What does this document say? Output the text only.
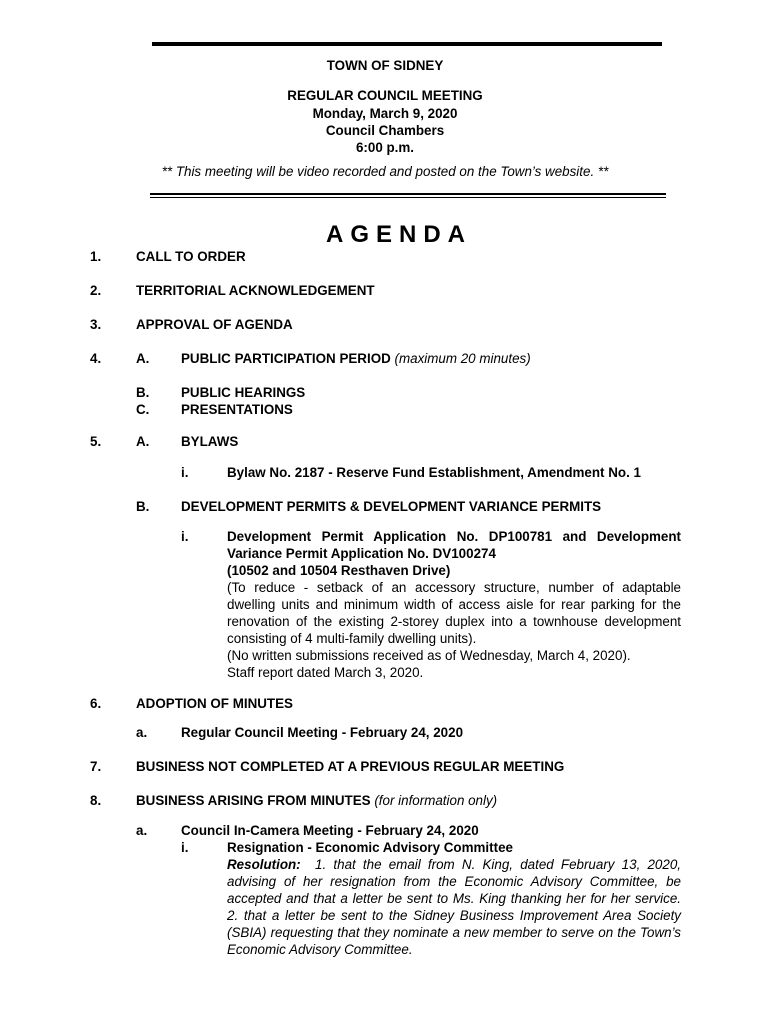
TOWN OF SIDNEY
REGULAR COUNCIL MEETING
Monday, March 9, 2020
Council Chambers
6:00 p.m.
** This meeting will be video recorded and posted on the Town’s website. **
AGENDA
1.	CALL TO ORDER
2.	TERRITORIAL ACKNOWLEDGEMENT
3.	APPROVAL OF AGENDA
4.	A. PUBLIC PARTICIPATION PERIOD (maximum 20 minutes)
B. PUBLIC HEARINGS
C. PRESENTATIONS
5.	A. BYLAWS
i.	Bylaw No. 2187 - Reserve Fund Establishment, Amendment No. 1
B. DEVELOPMENT PERMITS & DEVELOPMENT VARIANCE PERMITS
i.	Development Permit Application No. DP100781 and Development
Variance Permit Application No. DV100274
(10502 and 10504 Resthaven Drive)
(To reduce - setback of an accessory structure, number of adaptable dwelling units and minimum width of access aisle for rear parking for the renovation of the existing 2-storey duplex into a townhouse development consisting of 4 multi-family dwelling units).
(No written submissions received as of Wednesday, March 4, 2020).
Staff report dated March 3, 2020.
6.	ADOPTION OF MINUTES
a.	Regular Council Meeting - February 24, 2020
7.	BUSINESS NOT COMPLETED AT A PREVIOUS REGULAR MEETING
8.	BUSINESS ARISING FROM MINUTES (for information only)
a.	Council In-Camera Meeting - February 24, 2020
i.	Resignation - Economic Advisory Committee
Resolution: 1. that the email from N. King, dated February 13, 2020, advising of her resignation from the Economic Advisory Committee, be accepted and that a letter be sent to Ms. King thanking her for her service. 2. that a letter be sent to the Sidney Business Improvement Area Society (SBIA) requesting that they nominate a new member to serve on the Town’s Economic Advisory Committee.
